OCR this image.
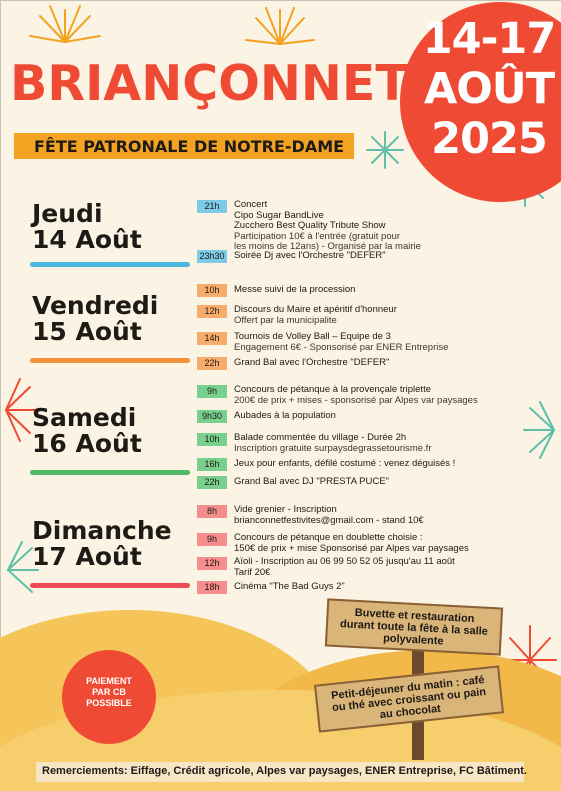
14-17
AOÛT
2025
BRIANÇONNET
FÊTE PATRONALE DE NOTRE-DAME
Jeudi
14 Août
21h	Concert
Cipo Sugar BandLive
Zucchero Best Quality Tribute Show
Participation 10€ à l'entrée (gratuit pour
les moins de 12ans) - Organisé par la mairie
23h30 Soirée Dj avec l'Orchestre "DEFER"
Vendredi
15 Août
10h	Messe suivi de la procession
12h	Discours du Maire et apéritif d'honneur
Offert par la municipalite
14h	Tournois de Volley Ball – Equipe de 3
Engagement 6€ - Sponsorisé par ENER Entreprise
22h	Grand Bal avec l'Orchestre "DEFER"
Samedi
16 Août
9h	Concours de pétanque à la provençale triplette
200€ de prix + mises - sponsorisé par Alpes var paysages
9h30	Aubades à la population
10h	Balade commentée du village - Durée 2h
Inscription gratuite surpaysdegrassetourisme.fr
16h	Jeux pour enfants, défilé costumé : venez déguisés !
22h	Grand Bal avec DJ "PRESTA PUCE"
Dimanche
17 Août
8h	Vide grenier - Inscription
brianconnetfestivites@gmail.com - stand 10€
9h	Concours de pétanque en doublette choisie :
150€ de prix + mise Sponsorisé par Alpes var paysages
12h	Aïoli - Inscription au 06 99 50 52 05 jusqu'au 11 août
Tarif 20€
18h	Cinéma "The Bad Guys 2"
Buvette et restauration durant toute la fête à la salle polyvalente
Petit-déjeuner du matin : café ou thé avec croissant ou pain au chocolat
PAIEMENT
PAR CB
POSSIBLE
Remerciements: Eiffage, Crédit agricole, Alpes var paysages, ENER Entreprise, FC Bâtiment.
